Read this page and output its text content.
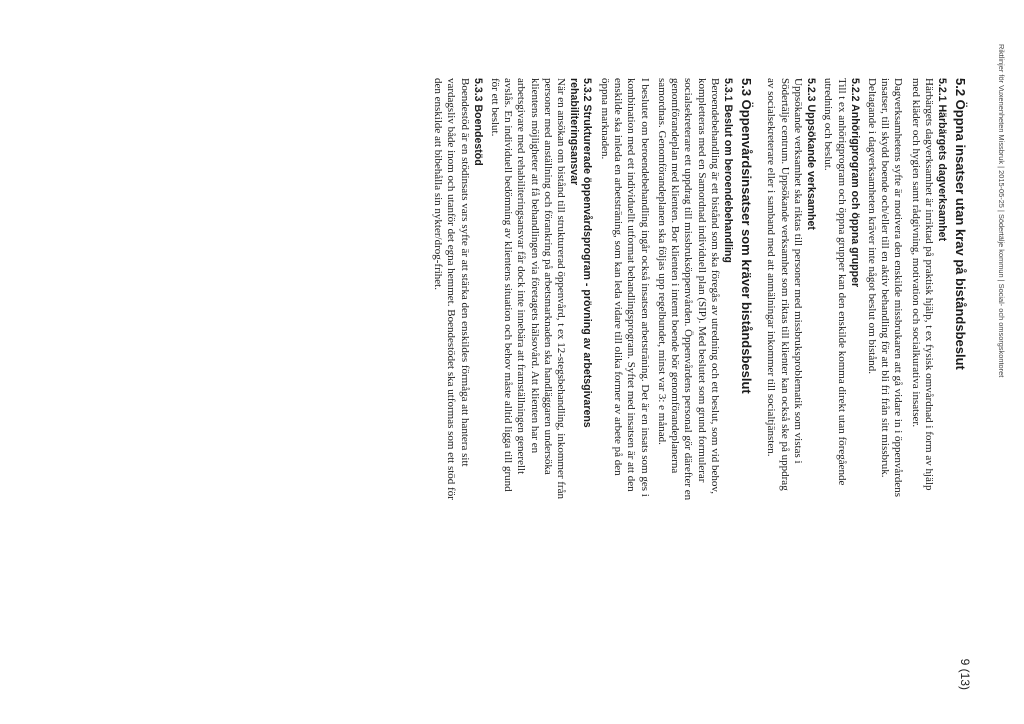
Riktlinjer för Vuxenenheten Missbruk | 2015-05-25 | Södertälje kommun | Social- och omsorgskontoret
9 (13)
5.2 Öppna insatser utan krav på biståndsbeslut
5.2.1 Härbärgets dagverksamhet

Härbärgets dagverksamhet är inriktad på praktisk hjälp, t ex fysisk omvårdnad i form av hjälp
med kläder och hygien samt rådgivning, motivation och socialkurativa insatser.

Dagverksamhetens syfte är motivera den enskilde missbrukaren att gå vidare in i öppenvårdens
insatser, till skydd boende och/eller till en aktiv behandling för att bli fri från sitt missbruk.
Deltagande i dagverksamheten kräver inte något beslut om bistånd.

5.2.2 Anhörigprogram och öppna grupper

Till t ex anhörigprogram och öppna grupper kan den enskilde komma direkt utan föregående
utredning och beslut.

5.2.3 Uppsökande verksamhet

Uppsökande verksamhet ska riktas till personer med missbruksproblematik som vistas i
Södertälje centrum. Uppsökande verksamhet som riktas till klienter kan också ske på uppdrag
av socialsekreterare eller i samband med att anmälningar inkommer till socialtjänsten.

5.3 Öppenvårdsinsatser som kräver biståndsbeslut
5.3.1 Beslut om beroendebehandling

Beroendebehandling är ett bistånd som ska föregås av utredning och ett beslut, som vid behov,
kompletteras med en Samordnad individuell plan (SIP). Med beslutet som grund formulerar
socialsekreterare ett uppdrag till missbruksöppenvården. Öppenvårdens personal gör därefter en
genomförandeplan med klienten. Bor klienten i intemt boende bör genomförandeplanerna
samordnas. Genomförandeplanen ska följas upp regelbundet, minst var 3: e månad.

I beslutet om beroendebehandling ingår också insatsen arbetsträning. Det är en insats som ges i
kombination med ett individuellt utformat behandlingsprogram. Syftet med insatsen är att den
enskilde ska inleda en arbetsträning, som kan leda vidare till olika former av arbete på den
öppna marknaden.

5.3.2 Strukturerade öppenvårdsprogram - prövning av arbetsgivarens
rehabiliteringsansvar

När en ansökan om bistånd till strukturerad öppenvård, t ex 12-stegsbehandling, inkommer från
personer med anställning och förankring på arbetsmarknaden ska handläggaren undersöka
klientens möjligheter att få behandlingen via företagets hälsovård. Att klienten har en
arbetsgivare med rehabiliteringsansvar får dock inte innebära att framställningen generellt
avslås. En individuell bedömning av klientens situation och behov måste alltid ligga till grund
för ett beslut.

5.3.3 Boendestöd

Boendestöd är en stödinsats vars syfte är att stärka den enskildes förmåga att hantera sitt
vardagsliv både inom och utanför det egna hemmet. Boendestödet ska utformas som ett stöd för
den enskilde att bibehålla sin nykter/drog-frihet.
